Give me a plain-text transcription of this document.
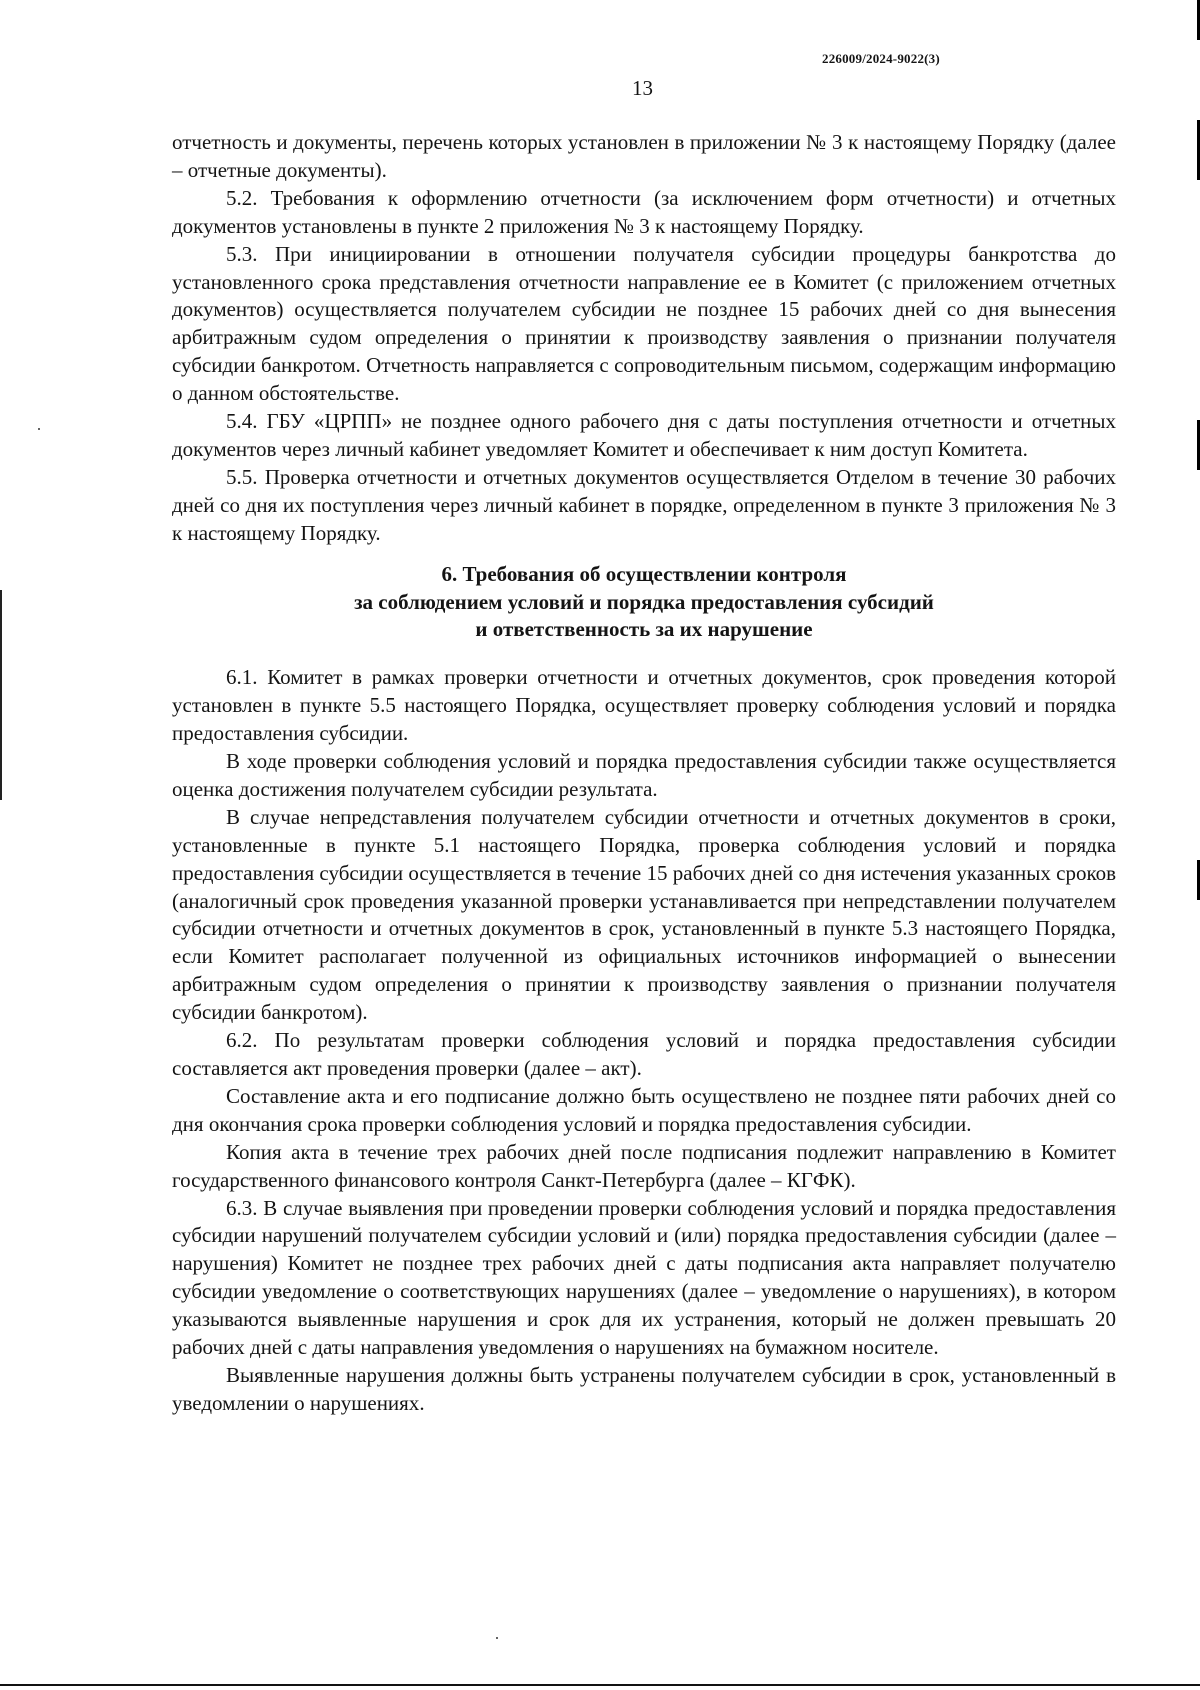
226009/2024-9022(3)
13

отчетность и документы, перечень которых установлен в приложении № 3 к настоящему Порядку (далее – отчетные документы).

5.2. Требования к оформлению отчетности (за исключением форм отчетности) и отчетных документов установлены в пункте 2 приложения № 3 к настоящему Порядку.

5.3. При инициировании в отношении получателя субсидии процедуры банкротства до установленного срока представления отчетности направление ее в Комитет (с приложением отчетных документов) осуществляется получателем субсидии не позднее 15 рабочих дней со дня вынесения арбитражным судом определения о принятии к производству заявления о признании получателя субсидии банкротом. Отчетность направляется с сопроводительным письмом, содержащим информацию о данном обстоятельстве.

5.4. ГБУ «ЦРПП» не позднее одного рабочего дня с даты поступления отчетности и отчетных документов через личный кабинет уведомляет Комитет и обеспечивает к ним доступ Комитета.

5.5. Проверка отчетности и отчетных документов осуществляется Отделом в течение 30 рабочих дней со дня их поступления через личный кабинет в порядке, определенном в пункте 3 приложения № 3 к настоящему Порядку.

6. Требования об осуществлении контроля
за соблюдением условий и порядка предоставления субсидий
и ответственность за их нарушение

6.1. Комитет в рамках проверки отчетности и отчетных документов, срок проведения которой установлен в пункте 5.5 настоящего Порядка, осуществляет проверку соблюдения условий и порядка предоставления субсидии.

В ходе проверки соблюдения условий и порядка предоставления субсидии также осуществляется оценка достижения получателем субсидии результата.

В случае непредставления получателем субсидии отчетности и отчетных документов в сроки, установленные в пункте 5.1 настоящего Порядка, проверка соблюдения условий и порядка предоставления субсидии осуществляется в течение 15 рабочих дней со дня истечения указанных сроков (аналогичный срок проведения указанной проверки устанавливается при непредставлении получателем субсидии отчетности и отчетных документов в срок, установленный в пункте 5.3 настоящего Порядка, если Комитет располагает полученной из официальных источников информацией о вынесении арбитражным судом определения о принятии к производству заявления о признании получателя субсидии банкротом).

6.2. По результатам проверки соблюдения условий и порядка предоставления субсидии составляется акт проведения проверки (далее – акт).

Составление акта и его подписание должно быть осуществлено не позднее пяти рабочих дней со дня окончания срока проверки соблюдения условий и порядка предоставления субсидии.

Копия акта в течение трех рабочих дней после подписания подлежит направлению в Комитет государственного финансового контроля Санкт-Петербурга (далее – КГФК).

6.3. В случае выявления при проведении проверки соблюдения условий и порядка предоставления субсидии нарушений получателем субсидии условий и (или) порядка предоставления субсидии (далее – нарушения) Комитет не позднее трех рабочих дней с даты подписания акта направляет получателю субсидии уведомление о соответствующих нарушениях (далее – уведомление о нарушениях), в котором указываются выявленные нарушения и срок для их устранения, который не должен превышать 20 рабочих дней с даты направления уведомления о нарушениях на бумажном носителе.

Выявленные нарушения должны быть устранены получателем субсидии в срок, установленный в уведомлении о нарушениях.
